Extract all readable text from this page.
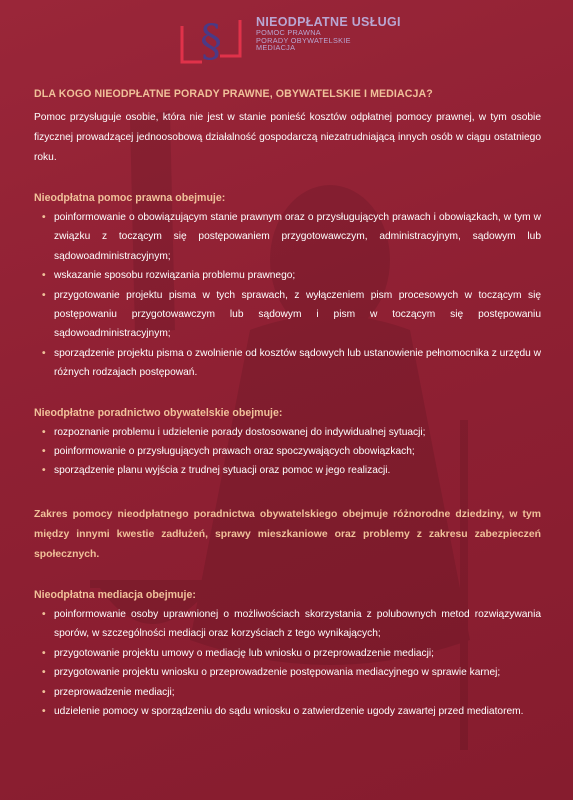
§	NIEODPŁATNE USŁUGI
POMOC PRAWNA
PORADY OBYWATELSKIE
MEDIACJA
DLA KOGO NIEODPŁATNE PORADY PRAWNE, OBYWATELSKIE I MEDIACJA?

Pomoc przysługuje osobie, która nie jest w stanie ponieść kosztów odpłatnej pomocy prawnej, w tym osobie fizycznej prowadzącej jednoosobową działalność gospodarczą niezatrudniającą innych osób w ciągu ostatniego roku.

Nieodpłatna pomoc prawna obejmuje:
• poinformowanie o obowiązującym stanie prawnym oraz o przysługujących prawach i obowiązkach, w tym w związku z toczącym się postępowaniem przygotowawczym, administracyjnym, sądowym lub sądowoadministracyjnym;
• wskazanie sposobu rozwiązania problemu prawnego;
• przygotowanie projektu pisma w tych sprawach, z wyłączeniem pism procesowych w toczącym się postępowaniu przygotowawczym lub sądowym i pism w toczącym się postępowaniu sądowoadministracyjnym;
• sporządzenie projektu pisma o zwolnienie od kosztów sądowych lub ustanowienie pełnomocnika z urzędu w różnych rodzajach postępowań.
Nieodpłatne poradnictwo obywatelskie obejmuje:
• rozpoznanie problemu i udzielenie porady dostosowanej do indywidualnej sytuacji;
• poinformowanie o przysługujących prawach oraz spoczywających obowiązkach;
• sporządzenie planu wyjścia z trudnej sytuacji oraz pomoc w jego realizacji.

Zakres pomocy nieodpłatnego poradnictwa obywatelskiego obejmuje różnorodne dziedziny, w tym między innymi kwestie zadłużeń, sprawy mieszkaniowe oraz problemy z zakresu zabezpieczeń społecznych.

Nieodpłatna mediacja obejmuje:
• poinformowanie osoby uprawnionej o możliwościach skorzystania z polubownych metod rozwiązywania sporów, w szczególności mediacji oraz korzyściach z tego wynikających;
• przygotowanie projektu umowy o mediację lub wniosku o przeprowadzenie mediacji;
• przygotowanie projektu wniosku o przeprowadzenie postępowania mediacyjnego w sprawie karnej;
• przeprowadzenie mediacji;
• udzielenie pomocy w sporządzeniu do sądu wniosku o zatwierdzenie ugody zawartej przed mediatorem.
